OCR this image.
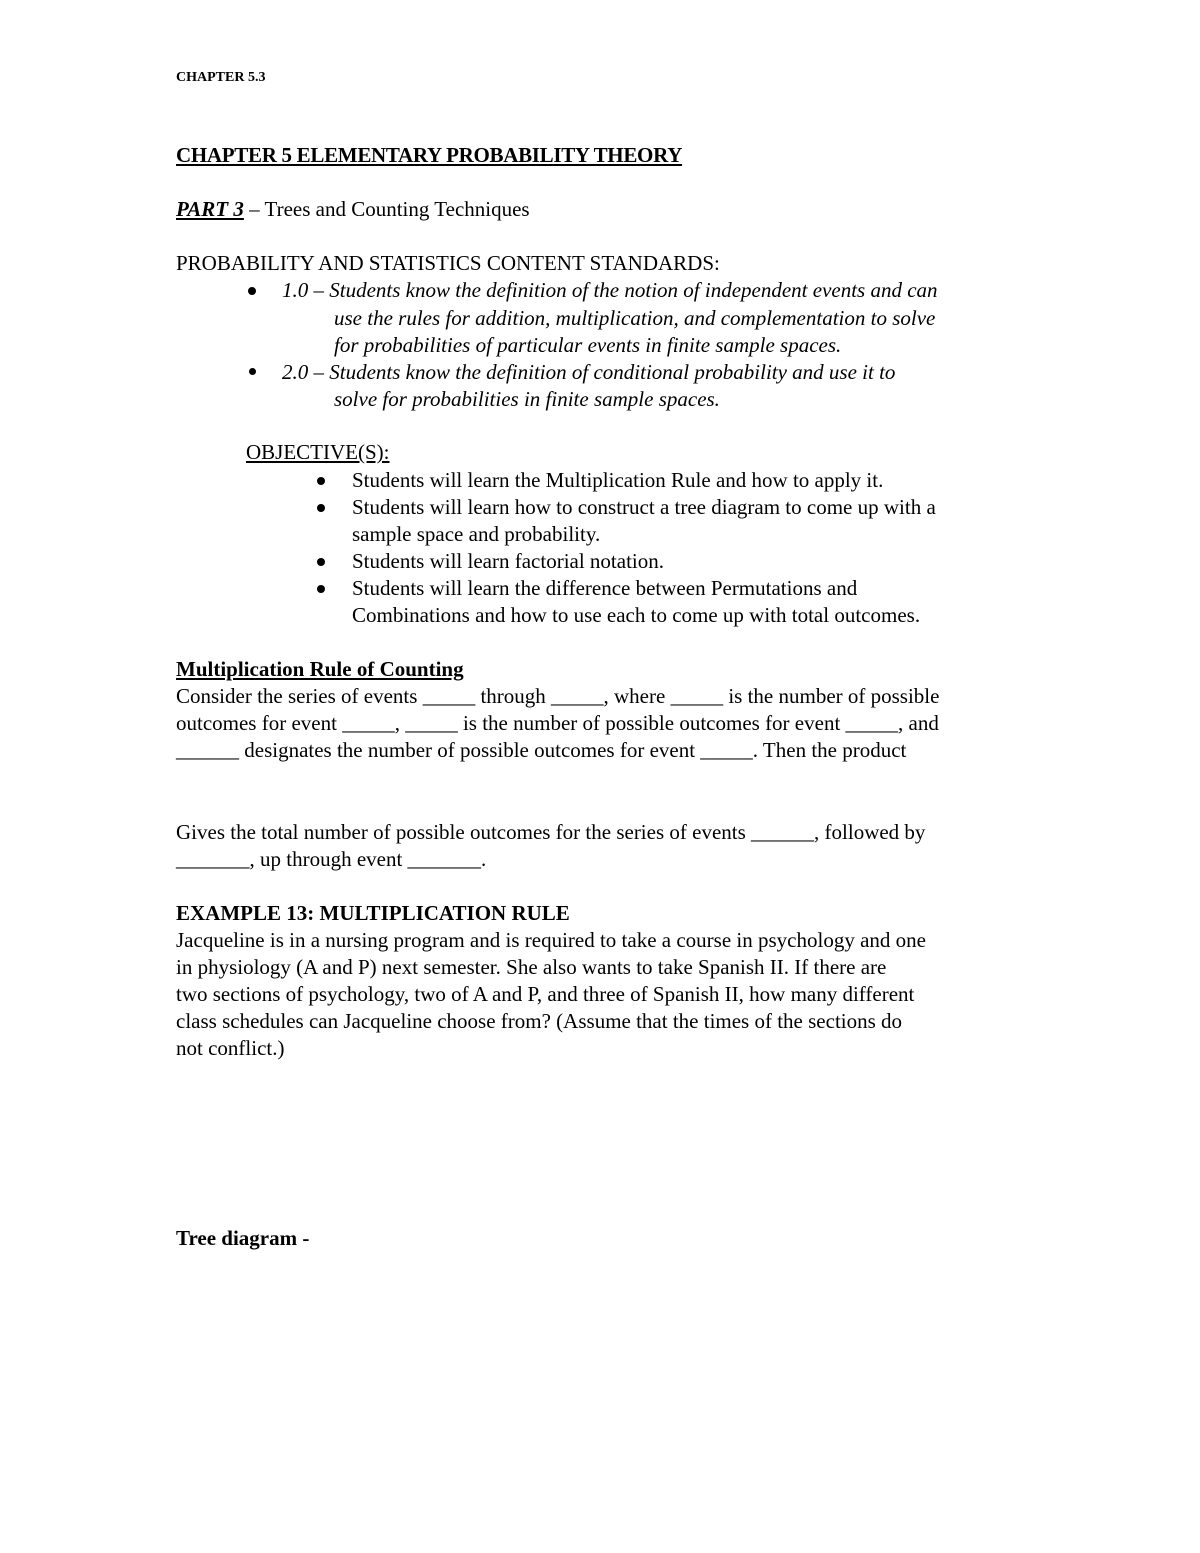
CHAPTER 5.3
CHAPTER 5 ELEMENTARY PROBABILITY THEORY
PART 3 – Trees and Counting Techniques
PROBABILITY AND STATISTICS CONTENT STANDARDS:
1.0 – Students know the definition of the notion of independent events and can
use the rules for addition, multiplication, and complementation to solve
for probabilities of particular events in finite sample spaces.
2.0 – Students know the definition of conditional probability and use it to
solve for probabilities in finite sample spaces.
OBJECTIVE(S):
Students will learn the Multiplication Rule and how to apply it.
Students will learn how to construct a tree diagram to come up with a
sample space and probability.
Students will learn factorial notation.
Students will learn the difference between Permutations and
Combinations and how to use each to come up with total outcomes.
Multiplication Rule of Counting
Consider the series of events _____ through _____, where _____ is the number of possible
outcomes for event _____, _____ is the number of possible outcomes for event _____, and
______ designates the number of possible outcomes for event _____. Then the product
Gives the total number of possible outcomes for the series of events ______, followed by
_______, up through event _______.
EXAMPLE 13: MULTIPLICATION RULE
Jacqueline is in a nursing program and is required to take a course in psychology and one
in physiology (A and P) next semester. She also wants to take Spanish II. If there are
two sections of psychology, two of A and P, and three of Spanish II, how many different
class schedules can Jacqueline choose from? (Assume that the times of the sections do
not conflict.)
Tree diagram -
